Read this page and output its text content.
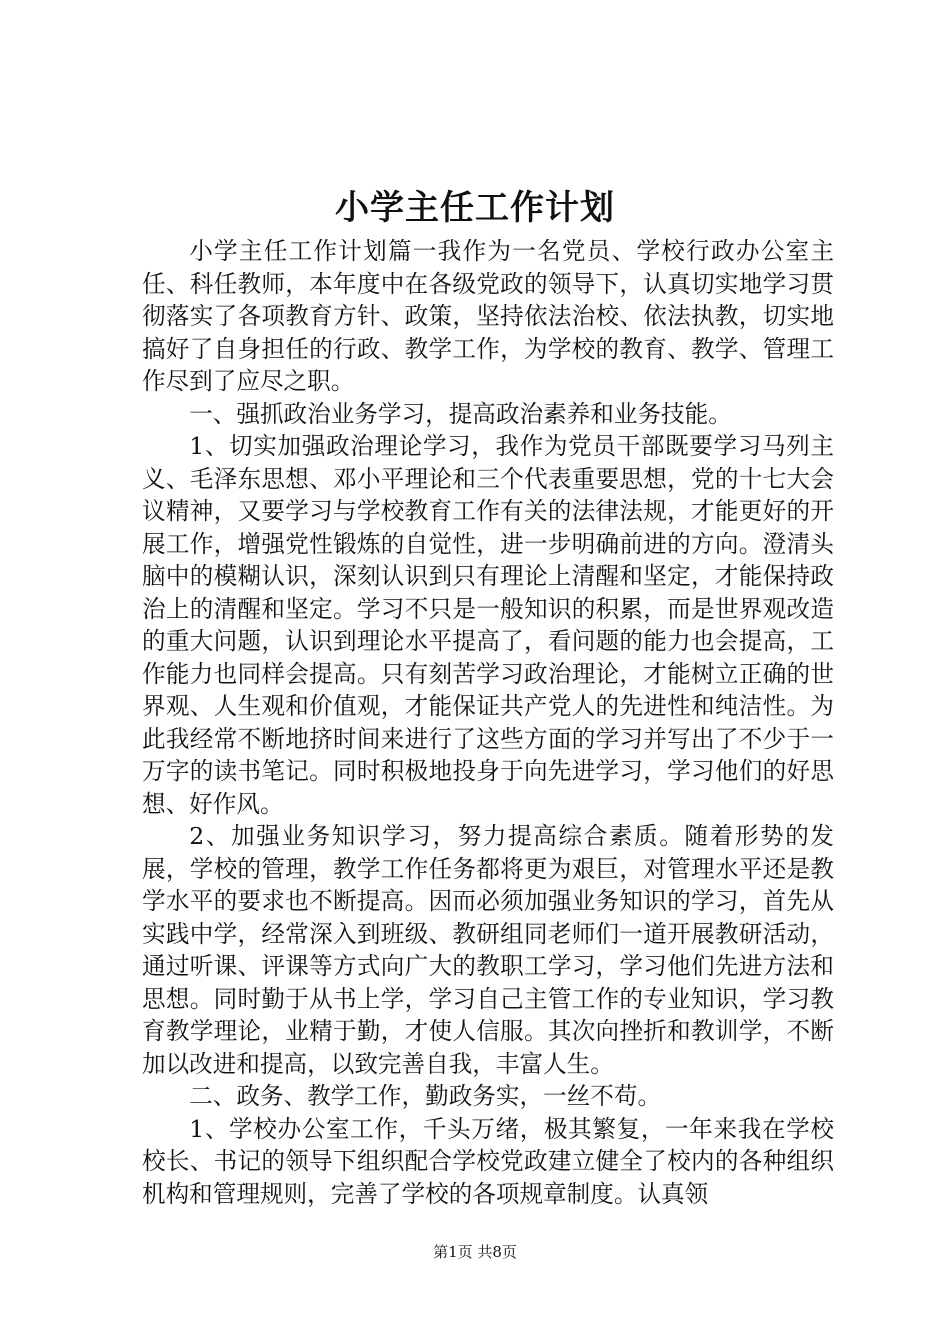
小学主任工作计划

小学主任工作计划篇一我作为一名党员、学校行政办公室主任、科任教师，本年度中在各级党政的领导下，认真切实地学习贯彻落实了各项教育方针、政策，坚持依法治校、依法执教，切实地搞好了自身担任的行政、教学工作，为学校的教育、教学、管理工作尽到了应尽之职。

一、强抓政治业务学习，提高政治素养和业务技能。

1、切实加强政治理论学习，我作为党员干部既要学习马列主义、毛泽东思想、邓小平理论和三个代表重要思想，党的十七大会议精神，又要学习与学校教育工作有关的法律法规，才能更好的开展工作，增强党性锻炼的自觉性，进一步明确前进的方向。澄清头脑中的模糊认识，深刻认识到只有理论上清醒和坚定，才能保持政治上的清醒和坚定。学习不只是一般知识的积累，而是世界观改造的重大问题，认识到理论水平提高了，看问题的能力也会提高，工作能力也同样会提高。只有刻苦学习政治理论，才能树立正确的世界观、人生观和价值观，才能保证共产党人的先进性和纯洁性。为此我经常不断地挤时间来进行了这些方面的学习并写出了不少于一万字的读书笔记。同时积极地投身于向先进学习，学习他们的好思想、好作风。

2、加强业务知识学习，努力提高综合素质。随着形势的发展，学校的管理，教学工作任务都将更为艰巨，对管理水平还是教学水平的要求也不断提高。因而必须加强业务知识的学习，首先从实践中学，经常深入到班级、教研组同老师们一道开展教研活动，通过听课、评课等方式向广大的教职工学习，学习他们先进方法和思想。同时勤于从书上学，学习自己主管工作的专业知识，学习教育教学理论，业精于勤，才使人信服。其次向挫折和教训学，不断加以改进和提高，以致完善自我，丰富人生。

二、政务、教学工作，勤政务实，一丝不苟。

1、学校办公室工作，千头万绪，极其繁复，一年来我在学校校长、书记的领导下组织配合学校党政建立健全了校内的各种组织机构和管理规则，完善了学校的各项规章制度。认真领

第1页 共8页
